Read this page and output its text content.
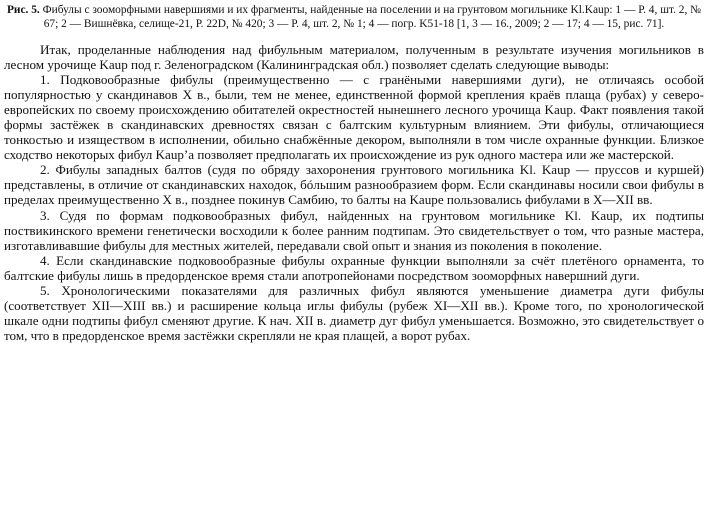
Рис. 5. Фибулы с зооморфными навершиями и их фрагменты, найденные на поселении и на грунтовом могильнике Kl.Kaup: 1 — Р. 4, шт. 2, № 67; 2 — Вишнёвка, селище-21, Р. 22D, № 420; 3 — Р. 4, шт. 2, № 1; 4 — погр. K51-18 [1, 3 — 16., 2009; 2 — 17; 4 — 15, рис. 71].

Итак, проделанные наблюдения над фибульным материалом, полученным в результате изучения могильников в лесном урочище Kaup под г. Зеленоградском (Калининградская обл.) позволяет сделать следующие выводы:

1. Подковообразные фибулы (преимущественно — с гранёными навершиями дуги), не отличаясь особой популярностью у скандинавов X в., были, тем не менее, единственной формой крепления краёв плаща (рубах) у северо-европейских по своему происхождению обитателей окрестностей нынешнего лесного урочища Kaup. Факт появления такой формы застёжек в скандинавских древностях связан с балтским культурным влиянием. Эти фибулы, отличающиеся тонкостью и изяществом в исполнении, обильно снабжённые декором, выполняли в том числе охранные функции. Близкое сходство некоторых фибул Kaup’а позволяет предполагать их происхождение из рук одного мастера или же мастерской.

2. Фибулы западных балтов (судя по обряду захоронения грунтового могильника Kl. Kaup — пруссов и куршей) представлены, в отличие от скандинавских находок, бóльшим разнообразием форм. Если скандинавы носили свои фибулы в пределах преимущественно X в., позднее покинув Самбию, то балты на Kaupe пользовались фибулами в X—XII вв.

3. Судя по формам подковообразных фибул, найденных на грунтовом могильнике Kl. Kaup, их подтипы поствикинского времени генетически восходили к более ранним подтипам. Это свидетельствует о том, что разные мастера, изготавливавшие фибулы для местных жителей, передавали свой опыт и знания из поколения в поколение.

4. Если скандинавские подковообразные фибулы охранные функции выполняли за счёт плетёного орнамента, то балтские фибулы лишь в предорденское время стали апотропейонами посредством зооморфных навершний дуги.

5. Хронологическими показателями для различных фибул являются уменьшение диаметра дуги фибулы (соответствует XII—XIII вв.) и расширение кольца иглы фибулы (рубеж XI—XII вв.). Кроме того, по хронологической шкале одни подтипы фибул сменяют другие. К нач. XII в. диаметр дуг фибул уменьшается. Возможно, это свидетельствует о том, что в предорденское время застёжки скрепляли не края плащей, а ворот рубах.
